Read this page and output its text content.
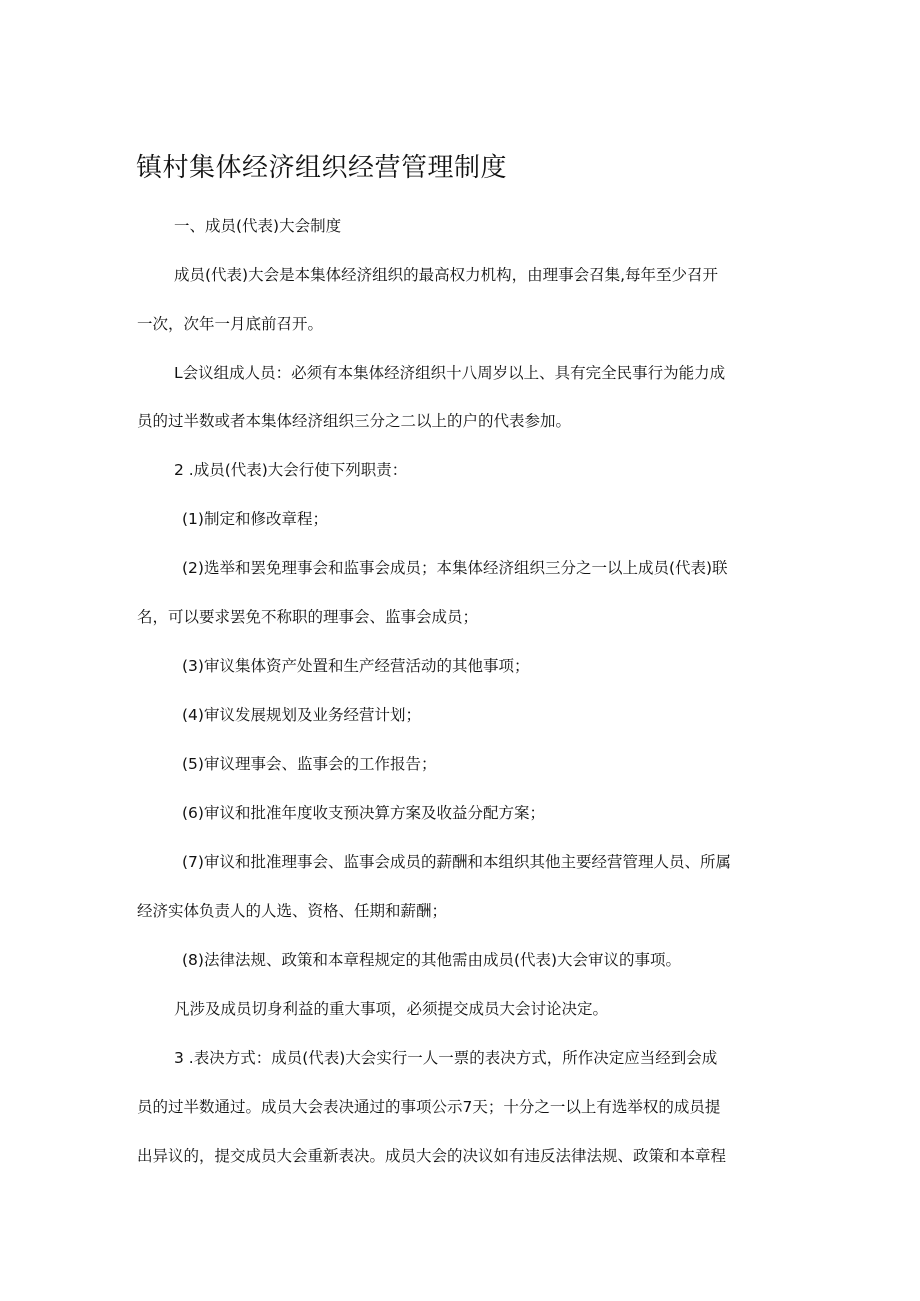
镇村集体经济组织经营管理制度

一、成员(代表)大会制度

成员(代表)大会是本集体经济组织的最高权力机构，由理事会召集,每年至少召开

一次，次年一月底前召开。

L会议组成人员：必须有本集体经济组织十八周岁以上、具有完全民事行为能力成

员的过半数或者本集体经济组织三分之二以上的户的代表参加。

2 .成员(代表)大会行使下列职责：

(1)制定和修改章程；

(2)选举和罢免理事会和监事会成员；本集体经济组织三分之一以上成员(代表)联

名，可以要求罢免不称职的理事会、监事会成员；

(3)审议集体资产处置和生产经营活动的其他事项；

(4)审议发展规划及业务经营计划；

(5)审议理事会、监事会的工作报告；

(6)审议和批准年度收支预决算方案及收益分配方案；

(7)审议和批准理事会、监事会成员的薪酬和本组织其他主要经营管理人员、所属

经济实体负责人的人选、资格、任期和薪酬；

(8)法律法规、政策和本章程规定的其他需由成员(代表)大会审议的事项。

凡涉及成员切身利益的重大事项，必须提交成员大会讨论决定。

3 .表决方式：成员(代表)大会实行一人一票的表决方式，所作决定应当经到会成

员的过半数通过。成员大会表决通过的事项公示7天；十分之一以上有选举权的成员提

出异议的，提交成员大会重新表决。成员大会的决议如有违反法律法规、政策和本章程
